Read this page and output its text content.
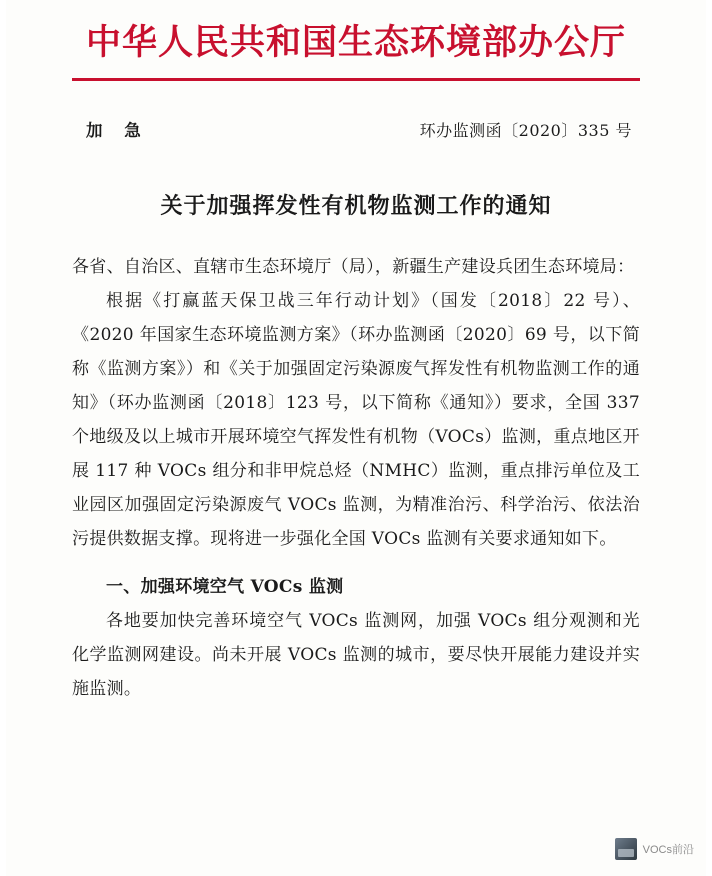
中华人民共和国生态环境部办公厅
加 急	环办监测函〔2020〕335 号
关于加强挥发性有机物监测工作的通知

各省、自治区、直辖市生态环境厅（局），新疆生产建设兵团生态环境局：

根据《打赢蓝天保卫战三年行动计划》（国发〔2018〕22 号）、《2020 年国家生态环境监测方案》（环办监测函〔2020〕69 号，以下简称《监测方案》）和《关于加强固定污染源废气挥发性有机物监测工作的通知》（环办监测函〔2018〕123 号，以下简称《通知》）要求，全国 337 个地级及以上城市开展环境空气挥发性有机物（VOCs）监测，重点地区开展 117 种 VOCs 组分和非甲烷总烃（NMHC）监测，重点排污单位及工业园区加强固定污染源废气 VOCs 监测，为精准治污、科学治污、依法治污提供数据支撑。现将进一步强化全国 VOCs 监测有关要求通知如下。

一、加强环境空气 VOCs 监测

各地要加快完善环境空气 VOCs 监测网，加强 VOCs 组分观测和光化学监测网建设。尚未开展 VOCs 监测的城市，要尽快开展能力建设并实施监测。

VOCs前沿
